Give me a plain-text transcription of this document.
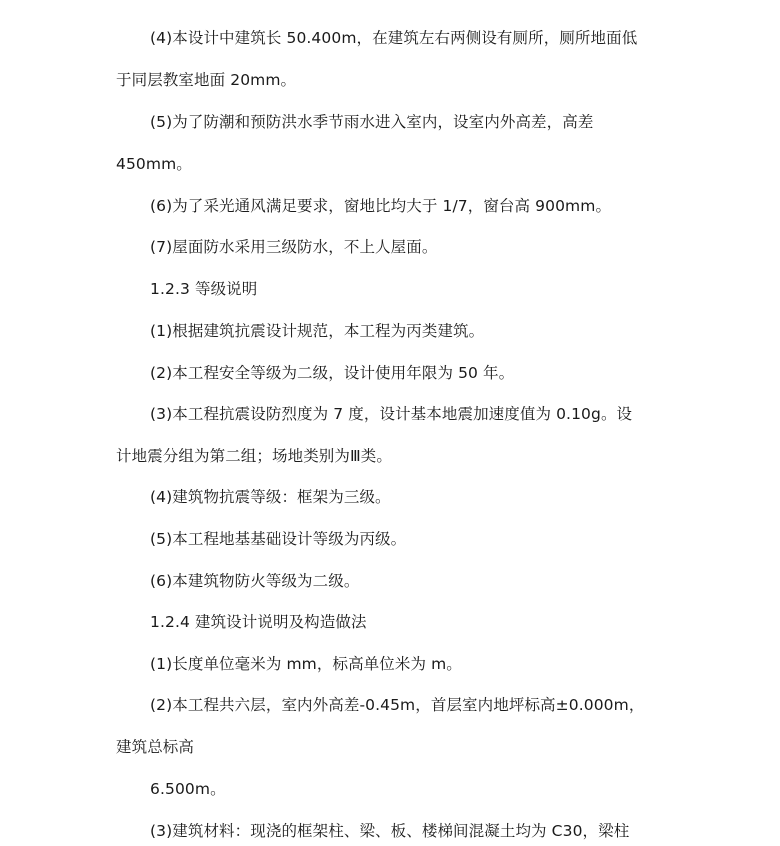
(4)本设计中建筑长 50.400m，在建筑左右两侧设有厕所，厕所地面低
于同层教室地面 20mm。
(5)为了防潮和预防洪水季节雨水进入室内，设室内外高差，高差
450mm。
(6)为了采光通风满足要求，窗地比均大于 1/7，窗台高 900mm。
(7)屋面防水采用三级防水，不上人屋面。
1.2.3 等级说明
(1)根据建筑抗震设计规范，本工程为丙类建筑。
(2)本工程安全等级为二级，设计使用年限为 50 年。
(3)本工程抗震设防烈度为 7 度，设计基本地震加速度值为 0.10g。设
计地震分组为第二组；场地类别为Ⅲ类。
(4)建筑物抗震等级：框架为三级。
(5)本工程地基基础设计等级为丙级。
(6)本建筑物防火等级为二级。
1.2.4 建筑设计说明及构造做法
(1)长度单位毫米为 mm，标高单位米为 m。
(2)本工程共六层，室内外高差-0.45m，首层室内地坪标高±0.000m，
建筑总标高
6.500m。
(3)建筑材料：现浇的框架柱、梁、板、楼梯间混凝土均为 C30，梁柱
